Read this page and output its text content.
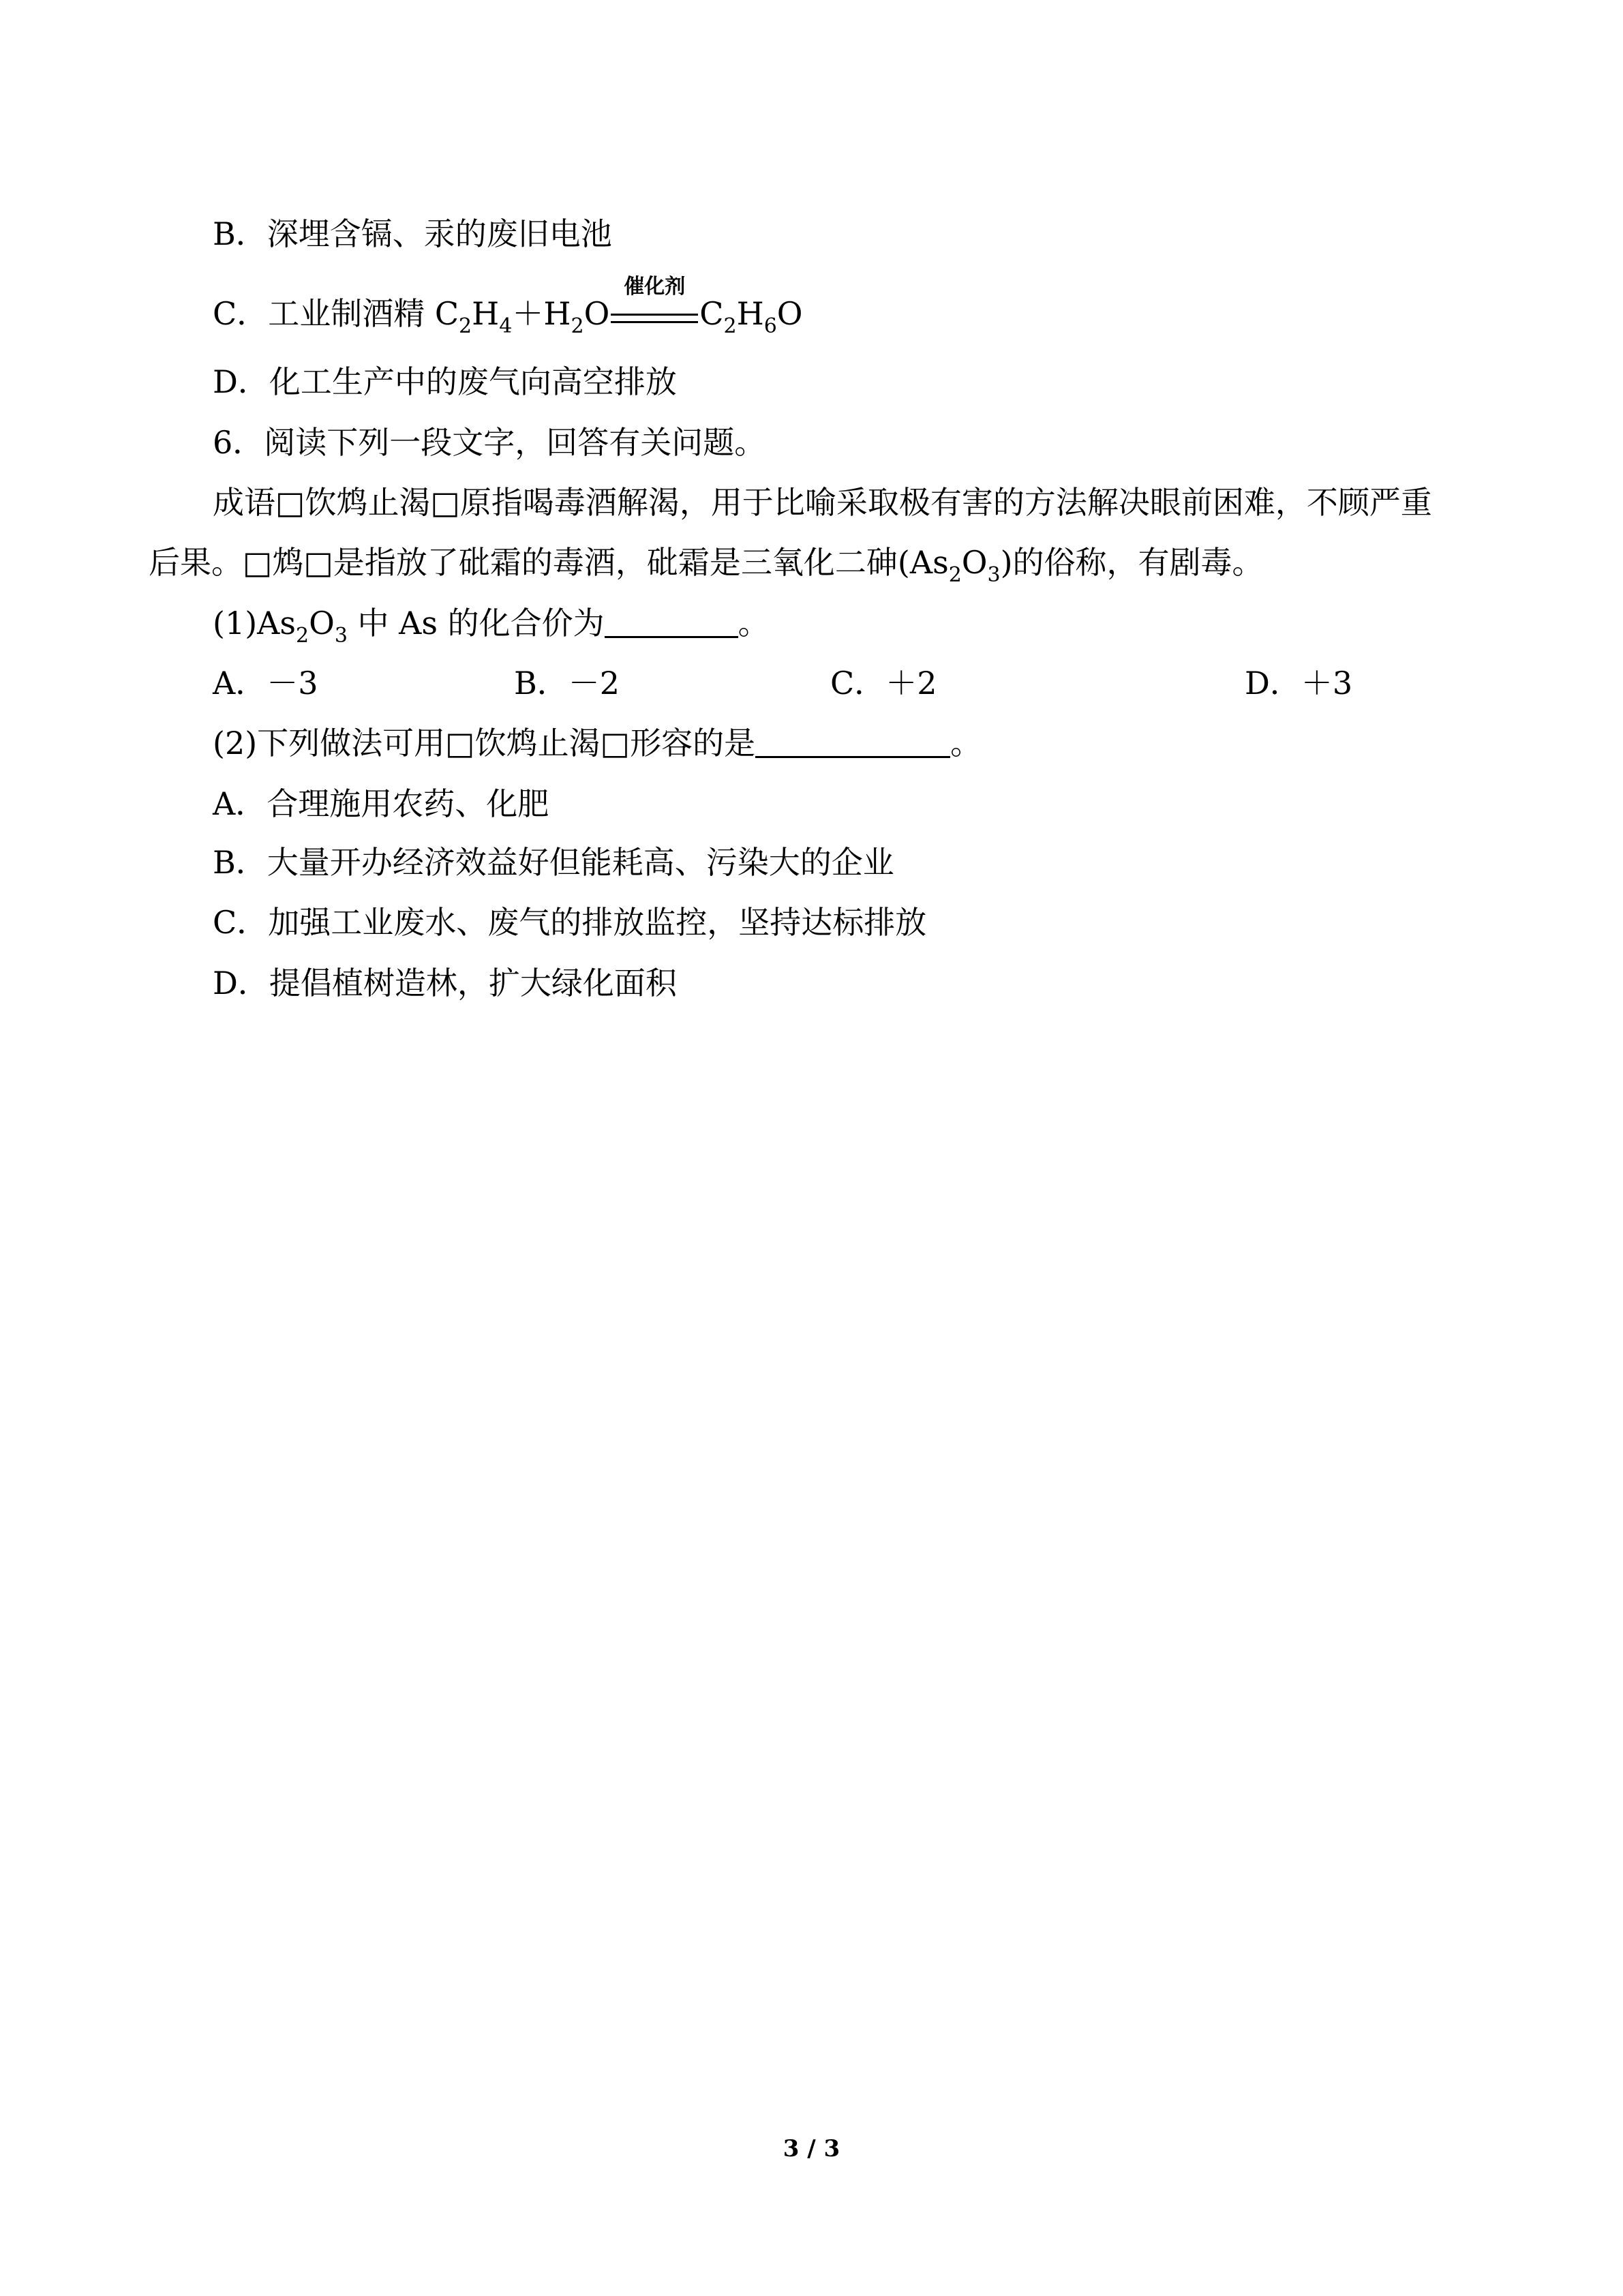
B．深埋含镉、汞的废旧电池
C．工业制酒精 $C_2H_4+H_2O$
催化剂
$C_2H_6O$
D．化工生产中的废气向高空排放
6．阅读下列一段文字，回答有关问题。
成语□饮鸩止渴□原指喝毒酒解渴，用于比喻采取极有害的方法解决眼前困难，不顾严重
后果。□鸩□是指放了砒霜的毒酒，砒霜是三氧化二砷$(As_2O_3)$的俗称，有剧毒。
$(1)As_2O_3$ 中 As 的化合价为	。
A．－3	B．－2	C．＋2	D．＋3
(2)下列做法可用□饮鸩止渴□形容的是	。
A．合理施用农药、化肥
B．大量开办经济效益好但能耗高、污染大的企业
C．加强工业废水、废气的排放监控，坚持达标排放
D．提倡植树造林，扩大绿化面积
3 / 3
